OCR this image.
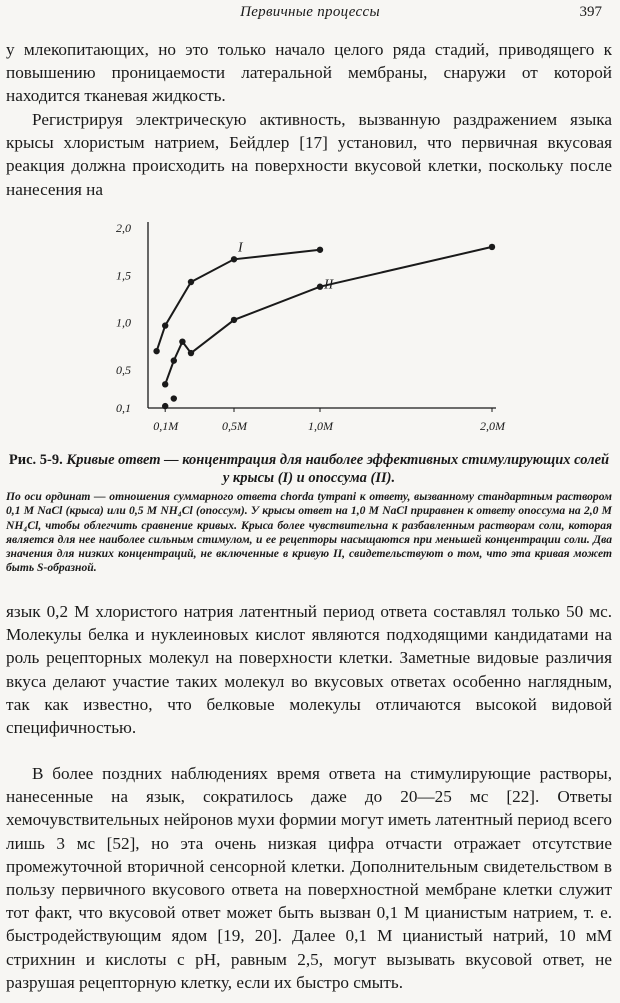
Первичные процессы	397

у млекопитающих, но это только начало целого ряда стадий, приводящего к повышению проницаемости латеральной мембраны, снаружи от которой находится тканевая жидкость.

Регистрируя электрическую активность, вызванную раздражением языка крысы хлористым натрием, Бейдлер [17] установил, что первичная вкусовая реакция должна происходить на поверхности вкусовой клетки, поскольку после нанесения на

0,1
0,5
1,0
1,5
2,0
0,1M	0,5M	1,0M	2,0M
I
II

Рис. 5-9. Кривые ответ — концентрация для наиболее эффективных стимулирующих солей у крысы (I) и опоссума (II).

По оси ординат — отношения суммарного ответа chorda tympani к ответу, вызванному стандартным раствором 0,1 M NaCl (крыса) или 0,5 M NH₄Cl (опоссум). У крысы ответ на 1,0 M NaCl приравнен к ответу опоссума на 2,0 M NH₄Cl, чтобы облегчить сравнение кривых. Крыса более чувствительна к разбавленным растворам соли, которая является для нее наиболее сильным стимулом, и ее рецепторы насыщаются при меньшей концентрации соли. Два значения для низких концентраций, не включенные в кривую II, свидетельствуют о том, что эта кривая может быть S-образной.

язык 0,2 М хлористого натрия латентный период ответа составлял только 50 мс. Молекулы белка и нуклеиновых кислот являются подходящими кандидатами на роль рецепторных молекул на поверхности клетки. Заметные видовые различия вкуса делают участие таких молекул во вкусовых ответах особенно наглядным, так как известно, что белковые молекулы отличаются высокой видовой специфичностью.

В более поздних наблюдениях время ответа на стимулирующие растворы, нанесенные на язык, сократилось даже до 20—25 мс [22]. Ответы хемочувствительных нейронов мухи формии могут иметь латентный период всего лишь 3 мс [52], но эта очень низкая цифра отчасти отражает отсутствие промежуточной вторичной сенсорной клетки. Дополнительным свидетельством в пользу первичного вкусового ответа на поверхностной мембране клетки служит тот факт, что вкусовой ответ может быть вызван 0,1 М цианистым натрием, т. е. быстродействующим ядом [19, 20]. Далее 0,1 М цианистый натрий, 10 мМ стрихнин и кислоты с pH, равным 2,5, могут вызывать вкусовой ответ, не разрушая рецепторную клетку, если их быстро смыть.
